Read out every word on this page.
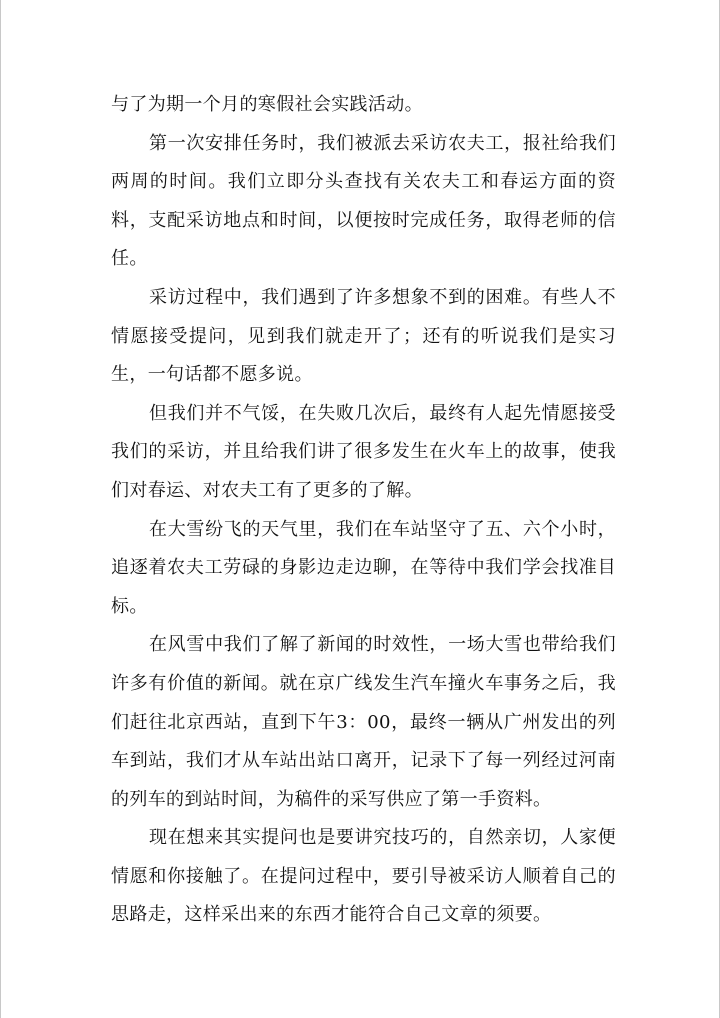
与了为期一个月的寒假社会实践活动。

第一次安排任务时，我们被派去采访农夫工，报社给我们两周的时间。我们立即分头查找有关农夫工和春运方面的资料，支配采访地点和时间，以便按时完成任务，取得老师的信任。

采访过程中，我们遇到了许多想象不到的困难。有些人不情愿接受提问，见到我们就走开了；还有的听说我们是实习生，一句话都不愿多说。

但我们并不气馁，在失败几次后，最终有人起先情愿接受我们的采访，并且给我们讲了很多发生在火车上的故事，使我们对春运、对农夫工有了更多的了解。

在大雪纷飞的天气里，我们在车站坚守了五、六个小时，追逐着农夫工劳碌的身影边走边聊，在等待中我们学会找准目标。

在风雪中我们了解了新闻的时效性，一场大雪也带给我们许多有价值的新闻。就在京广线发生汽车撞火车事务之后，我们赶往北京西站，直到下午3：00，最终一辆从广州发出的列车到站，我们才从车站出站口离开，记录下了每一列经过河南的列车的到站时间，为稿件的采写供应了第一手资料。

现在想来其实提问也是要讲究技巧的，自然亲切，人家便情愿和你接触了。在提问过程中，要引导被采访人顺着自己的思路走，这样采出来的东西才能符合自己文章的须要。
